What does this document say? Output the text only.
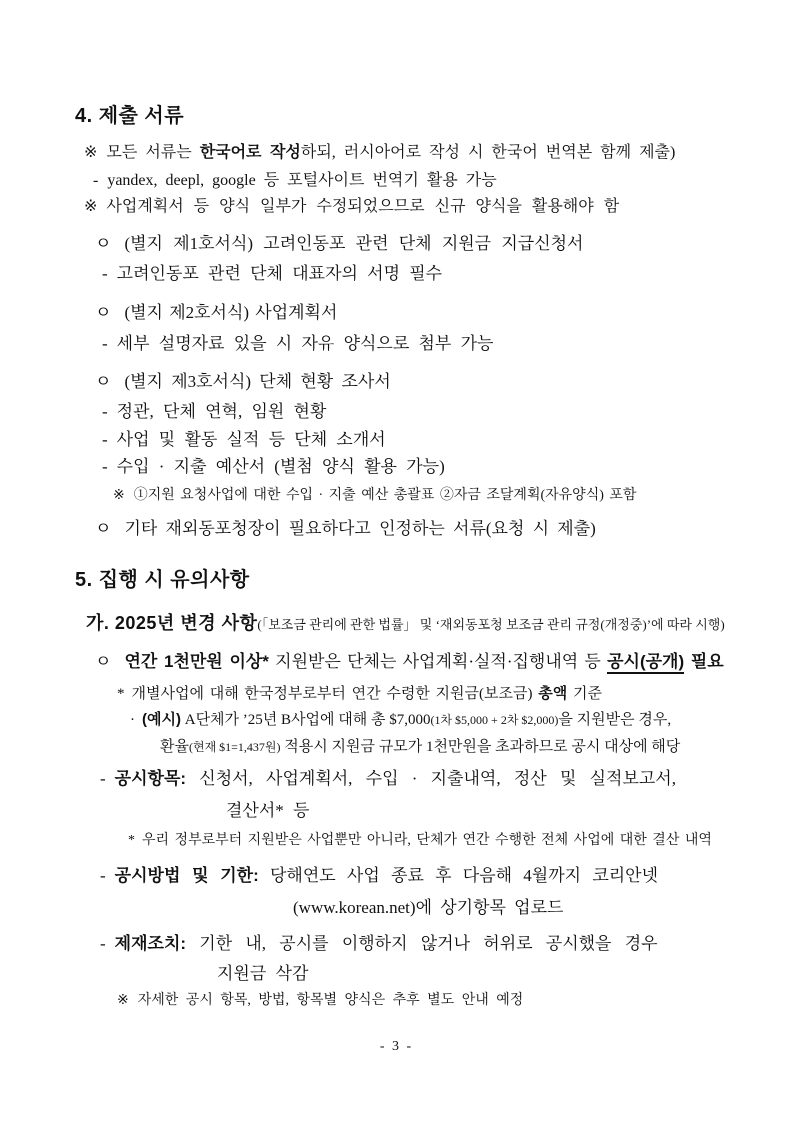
4. 제출 서류
※ 모든 서류는 한국어로 작성하되, 러시아어로 작성 시 한국어 번역본 함께 제출)
- yandex, deepl, google 등 포털사이트 번역기 활용 가능
※ 사업계획서 등 양식 일부가 수정되었으므로 신규 양식을 활용해야 함
ㅇ (별지 제1호서식) 고려인동포 관련 단체 지원금 지급신청서
- 고려인동포 관련 단체 대표자의 서명 필수
ㅇ (별지 제2호서식) 사업계획서
- 세부 설명자료 있을 시 자유 양식으로 첨부 가능
ㅇ (별지 제3호서식) 단체 현황 조사서
- 정관, 단체 연혁, 임원 현황
- 사업 및 활동 실적 등 단체 소개서
- 수입 · 지출 예산서 (별첨 양식 활용 가능)
※ ①지원 요청사업에 대한 수입 · 지출 예산 총괄표 ②자금 조달계획(자유양식) 포함
ㅇ 기타 재외동포청장이 필요하다고 인정하는 서류(요청 시 제출)
5. 집행 시 유의사항
가. 2025년 변경 사항(「보조금 관리에 관한 법률」 및 ‘재외동포청 보조금 관리 규정(개정중)’에 따라 시행)
ㅇ 연간 1천만원 이상* 지원받은 단체는 사업계획·실적·집행내역 등 공시(공개) 필요
* 개별사업에 대해 한국정부로부터 연간 수령한 지원금(보조금) 총액 기준
· (예시) A단체가 ’25년 B사업에 대해 총 $7,000(1차 $5,000 + 2차 $2,000)을 지원받은 경우,
환율(현재 $1=1,437원) 적용시 지원금 규모가 1천만원을 초과하므로 공시 대상에 해당
- 공시항목: 신청서, 사업계획서, 수입 · 지출내역, 정산 및 실적보고서,
결산서* 등
* 우리 정부로부터 지원받은 사업뿐만 아니라, 단체가 연간 수행한 전체 사업에 대한 결산 내역
- 공시방법 및 기한: 당해연도 사업 종료 후 다음해 4월까지 코리안넷
(www.korean.net)에 상기항목 업로드
- 제재조치: 기한 내, 공시를 이행하지 않거나 허위로 공시했을 경우
지원금 삭감
※ 자세한 공시 항목, 방법, 항목별 양식은 추후 별도 안내 예정
- 3 -
